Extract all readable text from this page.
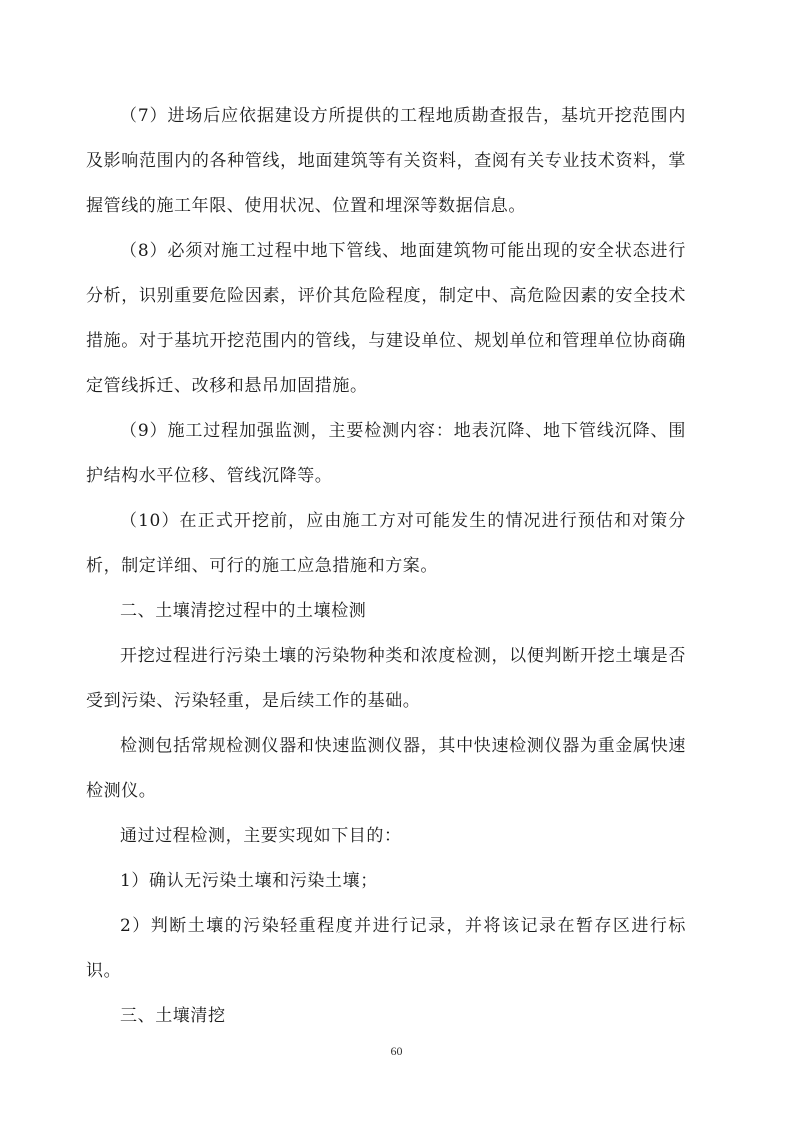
（7）进场后应依据建设方所提供的工程地质勘查报告，基坑开挖范围内及影响范围内的各种管线，地面建筑等有关资料，查阅有关专业技术资料，掌握管线的施工年限、使用状况、位置和埋深等数据信息。

（8）必须对施工过程中地下管线、地面建筑物可能出现的安全状态进行分析，识别重要危险因素，评价其危险程度，制定中、高危险因素的安全技术措施。对于基坑开挖范围内的管线，与建设单位、规划单位和管理单位协商确定管线拆迁、改移和悬吊加固措施。

（9）施工过程加强监测，主要检测内容：地表沉降、地下管线沉降、围护结构水平位移、管线沉降等。

（10）在正式开挖前，应由施工方对可能发生的情况进行预估和对策分析，制定详细、可行的施工应急措施和方案。

二、土壤清挖过程中的土壤检测

开挖过程进行污染土壤的污染物种类和浓度检测，以便判断开挖土壤是否受到污染、污染轻重，是后续工作的基础。

检测包括常规检测仪器和快速监测仪器，其中快速检测仪器为重金属快速检测仪。

通过过程检测，主要实现如下目的：

1）确认无污染土壤和污染土壤；

2）判断土壤的污染轻重程度并进行记录，并将该记录在暂存区进行标识。

三、土壤清挖

60
